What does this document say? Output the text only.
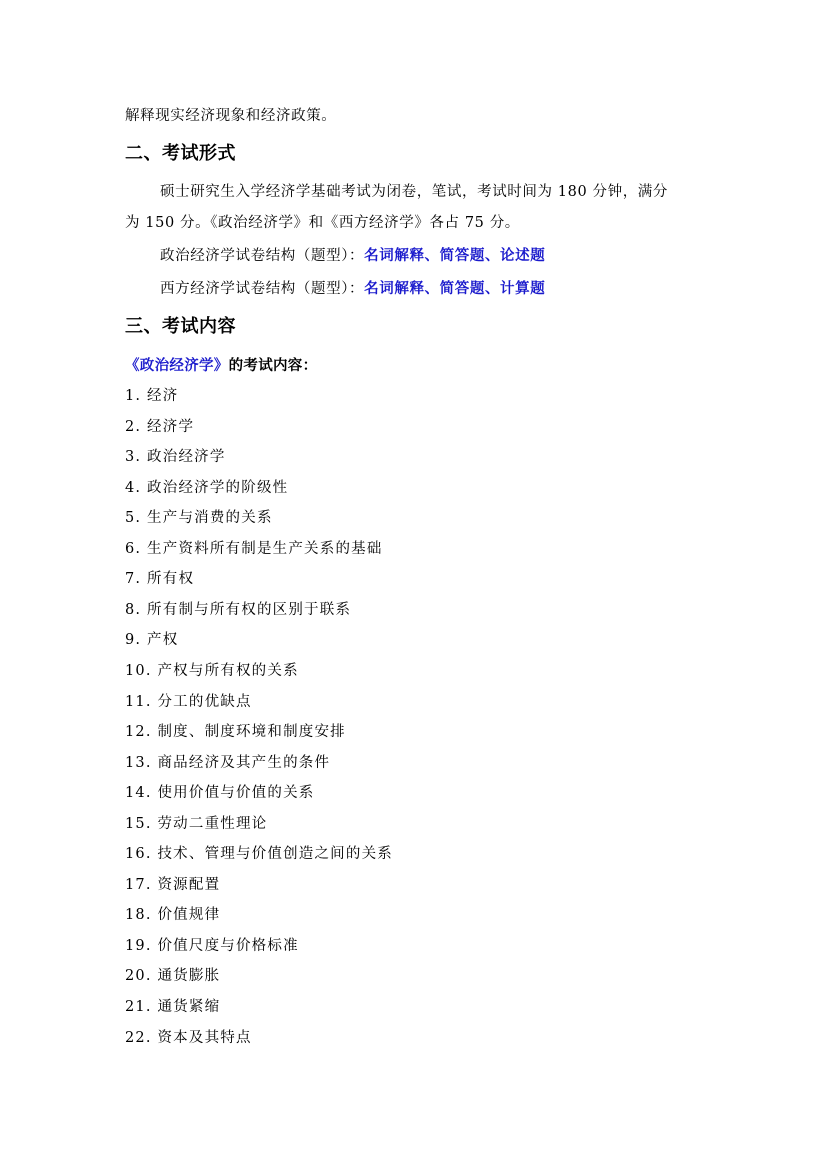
解释现实经济现象和经济政策。
二、考试形式
硕士研究生入学经济学基础考试为闭卷，笔试，考试时间为 180 分钟，满分
为 150 分。《政治经济学》和《西方经济学》各占 75 分。
政治经济学试卷结构（题型）：名词解释、简答题、论述题
西方经济学试卷结构（题型）：名词解释、简答题、计算题
三、考试内容
《政治经济学》的考试内容：
1. 经济
2. 经济学
3. 政治经济学
4. 政治经济学的阶级性
5. 生产与消费的关系
6. 生产资料所有制是生产关系的基础
7. 所有权
8. 所有制与所有权的区别于联系
9. 产权
10. 产权与所有权的关系
11. 分工的优缺点
12. 制度、制度环境和制度安排
13. 商品经济及其产生的条件
14. 使用价值与价值的关系
15. 劳动二重性理论
16. 技术、管理与价值创造之间的关系
17. 资源配置
18. 价值规律
19. 价值尺度与价格标准
20. 通货膨胀
21. 通货紧缩
22. 资本及其特点
